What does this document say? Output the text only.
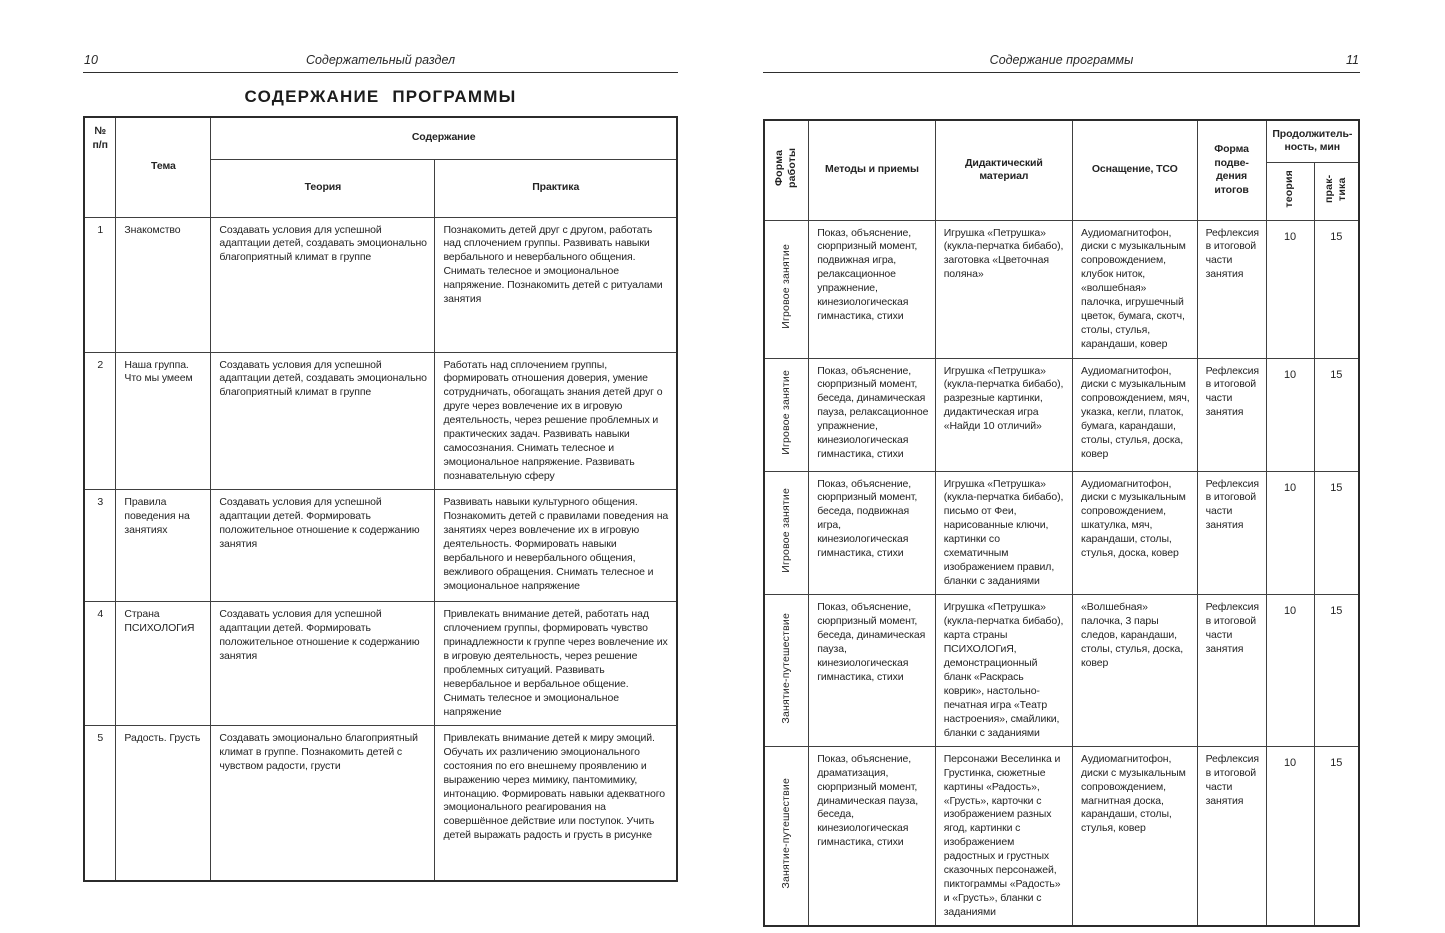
10	Содержательный раздел
СОДЕРЖАНИЕ ПРОГРАММЫ
№ п/п	Тема	Содержание	
		Теория	Практика
1	Знакомство	Создавать условия для успешной адаптации детей, создавать эмоционально благоприятный климат в группе	Познакомить детей друг с другом, работать над сплочением группы. Развивать навыки вербального и невербального общения. Снимать телесное и эмоциональное напряжение. Познакомить детей с ритуалами занятия
2	Наша группа. Что мы умеем	Создавать условия для успешной адаптации детей, создавать эмоционально благоприятный климат в группе	Работать над сплочением группы, формировать отношения доверия, умение сотрудничать, обогащать знания детей друг о друге через вовлечение их в игровую деятельность, через решение проблемных и практических задач. Развивать навыки самосознания. Снимать телесное и эмоциональное напряжение. Развивать познавательную сферу
3	Правила поведения на занятиях	Создавать условия для успешной адаптации детей. Формировать положительное отношение к содержанию занятия	Развивать навыки культурного общения. Познакомить детей с правилами поведения на занятиях через вовлечение их в игровую деятельность. Формировать навыки вербального и невербального общения, вежливого обращения. Снимать телесное и эмоциональное напряжение
4	Страна ПСИХОЛОГиЯ	Создавать условия для успешной адаптации детей. Формировать положительное отношение к содержанию занятия	Привлекать внимание детей, работать над сплочением группы, формировать чувство принадлежности к группе через вовлечение их в игровую деятельность, через решение проблемных ситуаций. Развивать невербальное и вербальное общение. Снимать телесное и эмоциональное напряжение
5	Радость. Грусть	Создавать эмоционально благоприятный климат в группе. Познакомить детей с чувством радости, грусти	Привлекать внимание детей к миру эмоций. Обучать их различению эмоционального состояния по его внешнему проявлению и выражению через мимику, пантомимику, интонацию. Формировать навыки адекватного эмоционального реагирования на совершённое действие или поступок. Учить детей выражать радость и грусть в рисунке
11
Содержание программы
Форма работы	Методы и приемы	Дидактический материал	Оснащение, ТСО	Форма подве-дения итогов	Продолжитель-ность, мин	
					теория	прак-тика
Игровое занятие	Показ, объяснение, сюрпризный момент, подвижная игра, релаксационное упражнение, кинезиологическая гимнастика, стихи	Игрушка «Петрушка» (кукла-перчатка бибабо), заготовка «Цветочная поляна»	Аудиомагнитофон, диски с музыкальным сопровождением, клубок ниток, «волшебная» палочка, игрушечный цветок, бумага, скотч, столы, стулья, карандаши, ковер	Рефлексия в итоговой части занятия	10	15
Игровое занятие	Показ, объяснение, сюрпризный момент, беседа, динамическая пауза, релаксационное упражнение, кинезиологическая гимнастика, стихи	Игрушка «Петрушка» (кукла-перчатка бибабо), разрезные картинки, дидактическая игра «Найди 10 отличий»	Аудиомагнитофон, диски с музыкальным сопровождением, мяч, указка, кегли, платок, бумага, карандаши, столы, стулья, доска, ковер	Рефлексия в итоговой части занятия	10	15
Игровое занятие	Показ, объяснение, сюрпризный момент, беседа, подвижная игра, кинезиологическая гимнастика, стихи	Игрушка «Петрушка» (кукла-перчатка бибабо), письмо от Феи, нарисованные ключи, картинки со схематичным изображением правил, бланки с заданиями	Аудиомагнитофон, диски с музыкальным сопровождением, шкатулка, мяч, карандаши, столы, стулья, доска, ковер	Рефлексия в итоговой части занятия	10	15
Занятие-путешествие	Показ, объяснение, сюрпризный момент, беседа, динамическая пауза, кинезиологическая гимнастика, стихи	Игрушка «Петрушка» (кукла-перчатка бибабо), карта страны ПСИХОЛОГиЯ, демонстрационный бланк «Раскрась коврик», настольно-печатная игра «Театр настроения», смайлики, бланки с заданиями	«Волшебная» палочка, 3 пары следов, карандаши, столы, стулья, доска, ковер	Рефлексия в итоговой части занятия	10	15
Занятие-путешествие	Показ, объяснение, драматизация, сюрпризный момент, динамическая пауза, беседа, кинезиологическая гимнастика, стихи	Персонажи Веселинка и Грустинка, сюжетные картины «Радость», «Грусть», карточки с изображением разных ягод, картинки с изображением радостных и грустных сказочных персонажей, пиктограммы «Радость» и «Грусть», бланки с заданиями	Аудиомагнитофон, диски с музыкальным сопровождением, магнитная доска, карандаши, столы, стулья, ковер	Рефлексия в итоговой части занятия	10	15
